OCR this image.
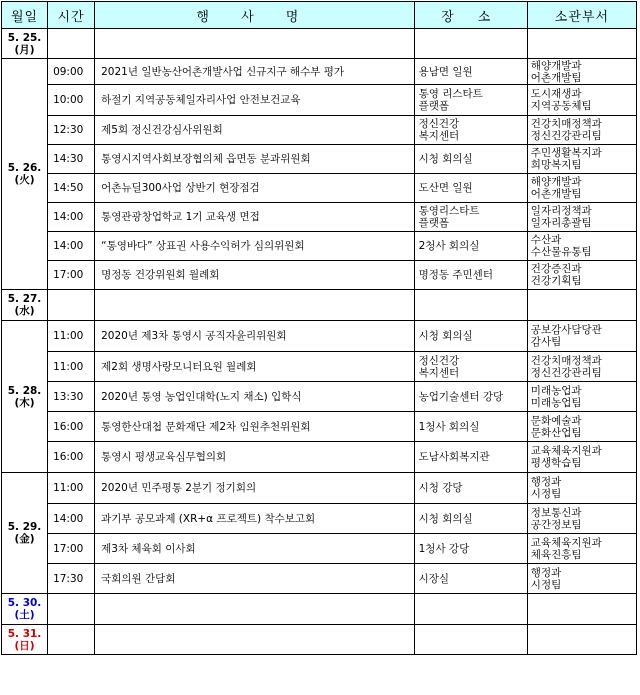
월일	시간	행 사 명	장 소	소관부서

5. 25.
(月)				

5. 26.
(火)	09:00	2021년 일반농산어촌개발사업 신규지구 해수부 평가	용남면 일원	해양개발과
어촌개발팀

	10:00	하절기 지역공동체일자리사업 안전보건교육	통영 리스타트
플랫폼	도시재생과
지역공동체팀

	12:30	제5회 정신건강심사위원회	정신건강
복지센터	건강치매정책과
정신건강관리팀

	14:30	통영시지역사회보장협의체 읍면동 분과위원회	시청 회의실	주민생활복지과
희망복지팀

	14:50	어촌뉴딜300사업 상반기 현장점검	도산면 일원	해양개발과
어촌개발팀

	14:00	통영관광창업학교 1기 교육생 면접	통영리스타트
플랫폼	일자리정책과
일자리총괄팀

	14:00	“통영바다” 상표권 사용수익허가 심의위원회	2청사 회의실	수산과
수산물유통팀

	17:00	명정동 건강위원회 월례회	명정동 주민센터	건강증진과
건강기획팀

5. 27.
(水)				

5. 28.
(木)	11:00	2020년 제3차 통영시 공직자윤리위원회	시청 회의실	공보감사담당관
감사팀

	11:00	제2회 생명사랑모니터요원 월례회	정신건강
복지센터	건강치매정책과
정신건강관리팀

	13:30	2020년 통영 농업인대학(노지 채소) 입학식	농업기술센터 강당	미래농업과
미래농업팀

	16:00	통영한산대첩 문화재단 제2차 임원추천위원회	1청사 회의실	문화예술과
문화산업팀

	16:00	통영시 평생교육심무협의회	도남사회복지관	교육체육지원과
평생학습팀

5. 29.
(金)	11:00	2020년 민주평통 2분기 정기회의	시청 강당	행정과
시정팀

	14:00	과기부 공모과제 (XR+α 프로젝트) 착수보고회	시청 회의실	정보통신과
공간정보팀

	17:00	제3차 체육회 이사회	1청사 강당	교육체육지원과
체육진흥팀

	17:30	국회의원 간담회	시장실	행정과
시정팀

5. 30.
(土)				

5. 31.
(日)				
